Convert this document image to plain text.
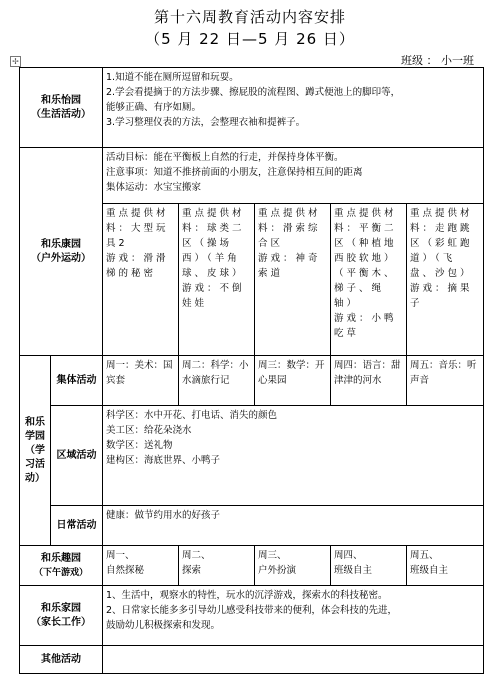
第十六周教育活动内容安排
（5 月 22 日—5 月 26 日）
✢	班级 ： 小一班
和乐怡园
（生活活动）		1.知道不能在厕所逗留和玩耍。
2.学会看提摘于的方法步骤、擦屁股的流程图、蹲式便池上的脚印等，
能够正确、有序如厕。
3.学习整理仪表的方法，会整理衣袖和提裤子。				

和乐康园
（户外运动）		活动目标：能在平衡板上自然的行走，并保持身体平衡。
注意事项：知道不推挤前面的小朋友，注意保持相互间的距离
集体运动：水宝宝搬家				

		重点提供材料：大型玩具2
游戏：滑滑梯的秘密	重点提供材料：球类二区（操场西）（羊角球、皮球）
游戏：不倒娃娃	重点提供材料：滑索综合区
游戏：神奇索道	重点提供材料：平衡二区（种植地西胶软地）（平衡木、梯子、绳轴）
游戏：小鸭吃草	重点提供材料：走跑跳区（彩虹跑道）（飞盘、沙包）
游戏：摘果子

和乐学园（学习活动）	集体活动	周一：美术：国宾套	周二：科学：小水滴旅行记	周三：数学：开心果园	周四：语言：甜津津的河水	周五：音乐：听声音
	区域活动	科学区：水中开花、打电话、消失的颜色
美工区：给花朵浇水
数学区：送礼物
建构区：海底世界、小鸭子				

	日常活动	健康：做节约用水的好孩子				

和乐趣园
（下午游戏）		周一、
自然探秘	周二、
探索	周三、
户外扮演	周四、
班级自主	周五、
班级自主

和乐家园
（家长工作）		1、生活中，观察水的特性，玩水的沉浮游戏，探索水的科技秘密。
2、日常家长能多多引导幼儿感受科技带来的便利，体会科技的先进，
鼓励幼儿积极探索和发现。				

其他活动						
